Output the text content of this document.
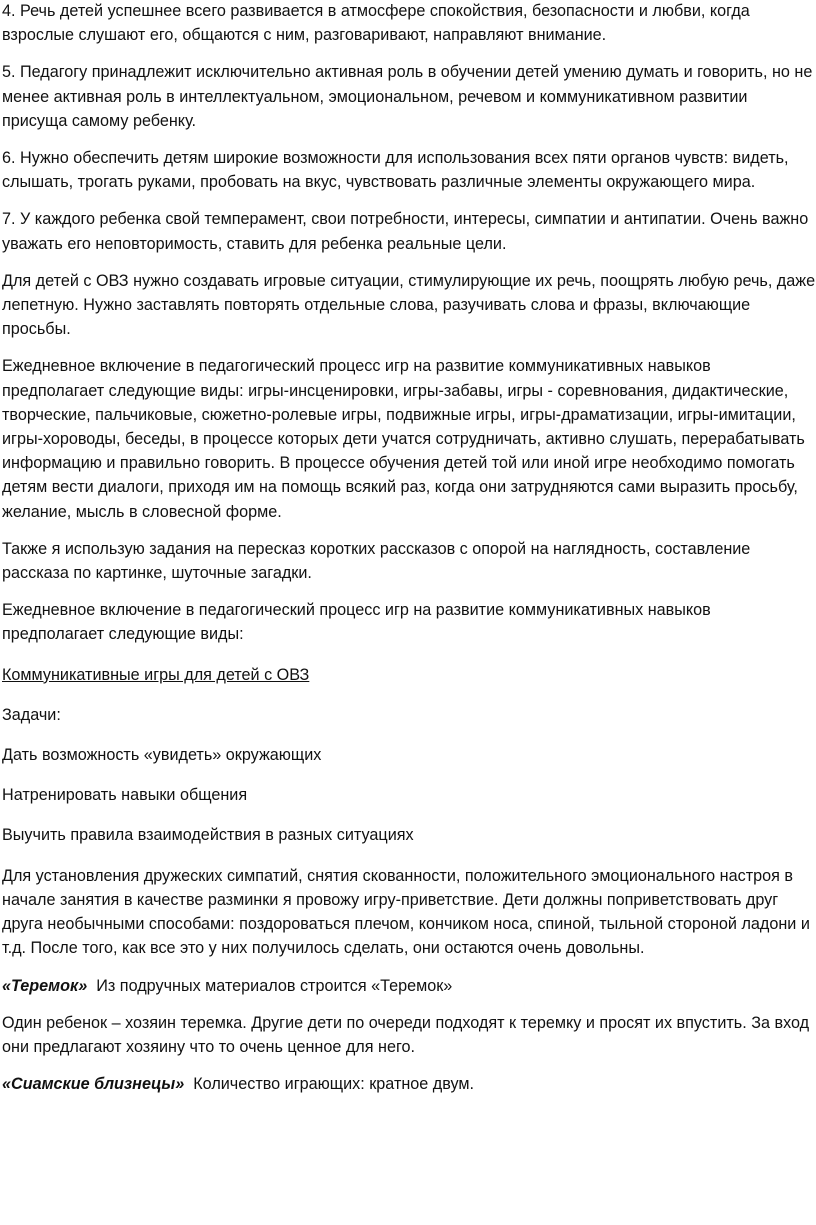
4. Речь детей успешнее всего развивается в атмосфере спокойствия, безопасности и любви, когда взрослые слушают его, общаются с ним, разговаривают, направляют внимание.

5. Педагогу принадлежит исключительно активная роль в обучении детей умению думать и говорить, но не менее активная роль в интеллектуальном, эмоциональном, речевом и коммуникативном развитии присуща самому ребенку.

6. Нужно обеспечить детям широкие возможности для использования всех пяти органов чувств: видеть, слышать, трогать руками, пробовать на вкус, чувствовать различные элементы окружающего мира.

7. У каждого ребенка свой темперамент, свои потребности, интересы, симпатии и антипатии. Очень важно уважать его неповторимость, ставить для ребенка реальные цели.

Для детей с ОВЗ нужно создавать игровые ситуации, стимулирующие их речь, поощрять любую речь, даже лепетную. Нужно заставлять повторять отдельные слова, разучивать слова и фразы, включающие просьбы.

Ежедневное включение в педагогический процесс игр на развитие коммуникативных навыков предполагает следующие виды: игры-инсценировки, игры-забавы, игры - соревнования, дидактические, творческие, пальчиковые, сюжетно-ролевые игры, подвижные игры, игры-драматизации, игры-имитации, игры-хороводы, беседы, в процессе которых дети учатся сотрудничать, активно слушать, перерабатывать информацию и правильно говорить. В процессе обучения детей той или иной игре необходимо помогать детям вести диалоги, приходя им на помощь всякий раз, когда они затрудняются сами выразить просьбу, желание, мысль в словесной форме.

Также я использую задания на пересказ коротких рассказов с опорой на наглядность, составление рассказа по картинке, шуточные загадки.

Ежедневное включение в педагогический процесс игр на развитие коммуникативных навыков предполагает следующие виды:

Коммуникативные игры для детей с ОВЗ

Задачи:

Дать возможность «увидеть» окружающих

Натренировать навыки общения

Выучить правила взаимодействия в разных ситуациях

Для установления дружеских симпатий, снятия скованности, положительного эмоционального настроя в начале занятия в качестве разминки я провожу игру-приветствие. Дети должны поприветствовать друг друга необычными способами: поздороваться плечом, кончиком носа, спиной, тыльной стороной ладони и т.д. После того, как все это у них получилось сделать, они остаются очень довольны.

«Теремок»  Из подручных материалов строится «Теремок»

Один ребенок – хозяин теремка. Другие дети по очереди подходят к теремку и просят их впустить. За вход они предлагают хозяину что то очень ценное для него.

«Сиамские близнецы»  Количество играющих: кратное двум.
